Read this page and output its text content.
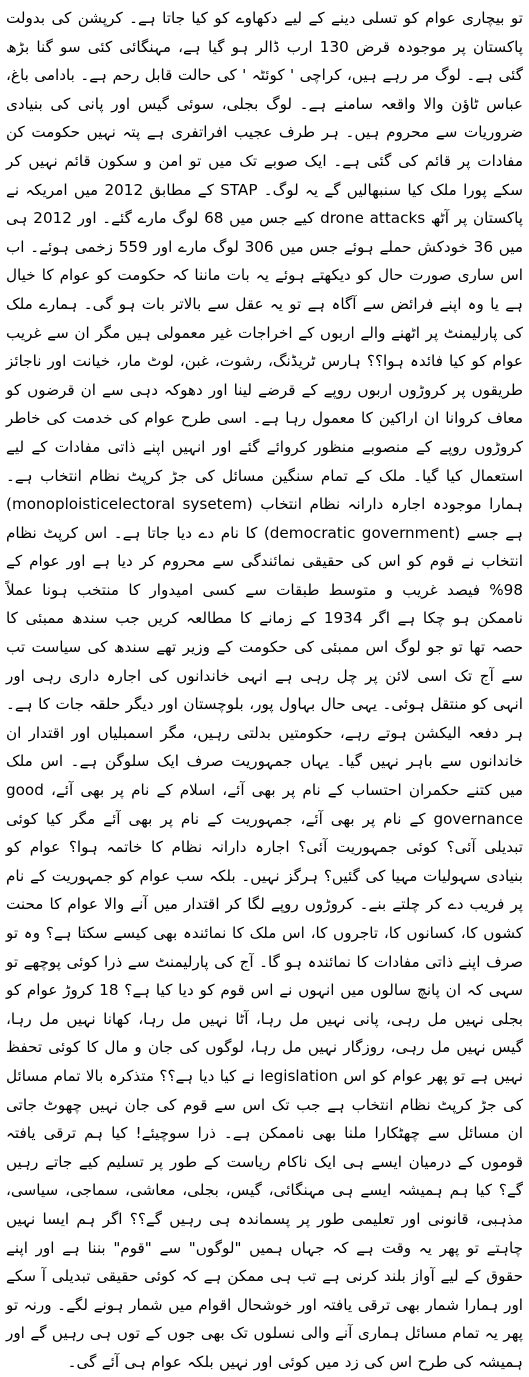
تو بیچاری عوام کو تسلی دینے کے لیے دکھاوے کو کیا جاتا ہے۔ کرپشن کی بدولت پاکستان پر موجودہ قرض 130 ارب ڈالر ہو گیا ہے، مہنگائی کئی سو گنا بڑھ گئی ہے۔ لوگ مر رہے ہیں، کراچی ' کوئٹہ ' کی حالت قابل رحم ہے۔ بادامی باغ، عباس ٹاؤن والا واقعہ سامنے ہے۔ لوگ بجلی، سوئی گیس اور پانی کی بنیادی ضروریات سے محروم ہیں۔ ہر طرف عجیب افراتفری ہے پتہ نہیں حکومت کن مفادات پر قائم کی گئی ہے۔ ایک صوبے تک میں تو امن و سکون قائم نہیں کر سکے پورا ملک کیا سنبھالیں گے یہ لوگ۔ STAP کے مطابق 2012 میں امریکہ نے پاکستان پر آٹھ drone attacks کیے جس میں 68 لوگ مارے گئے۔ اور 2012 ہی میں 36 خودکش حملے ہوئے جس میں 306 لوگ مارے اور 559 زخمی ہوئے۔ اب اس ساری صورت حال کو دیکھتے ہوئے یہ بات ماننا کہ حکومت کو عوام کا خیال ہے یا وہ اپنے فرائض سے آگاہ ہے تو یہ عقل سے بالاتر بات ہو گی۔ ہمارے ملک کی پارلیمنٹ پر اٹھنے والے اربوں کے اخراجات غیر معمولی ہیں مگر ان سے غریب عوام کو کیا فائدہ ہوا؟؟ ہارس ٹریڈنگ، رشوت، غبن، لوٹ مار، خیانت اور ناجائز طریقوں پر کروڑوں اربوں روپے کے قرضے لینا اور دھوکہ دہی سے ان قرضوں کو معاف کروانا ان اراکین کا معمول رہا ہے۔ اسی طرح عوام کی خدمت کی خاطر کروڑوں روپے کے منصوبے منظور کروائے گئے اور انہیں اپنے ذاتی مفادات کے لیے استعمال کیا گیا۔ ملک کے تمام سنگین مسائل کی جڑ کرپٹ نظام انتخاب ہے۔ ہمارا موجودہ اجارہ دارانہ نظام انتخاب (monoploisticelectoral sysetem) ہے جسے (democratic government) کا نام دے دیا جاتا ہے۔ اس کرپٹ نظام انتخاب نے قوم کو اس کی حقیقی نمائندگی سے محروم کر دیا ہے اور عوام کے 98% فیصد غریب و متوسط طبقات سے کسی امیدوار کا منتخب ہونا عملاً ناممکن ہو چکا ہے اگر 1934 کے زمانے کا مطالعہ کریں جب سندھ ممبئی کا حصہ تھا تو جو لوگ اس ممبئی کی حکومت کے وزیر تھے سندھ کی سیاست تب سے آج تک اسی لائن پر چل رہی ہے انہی خاندانوں کی اجارہ داری رہی اور انہی کو منتقل ہوئی۔ یہی حال بہاول پور، بلوچستان اور دیگر حلقہ جات کا ہے۔ ہر دفعہ الیکشن ہوتے رہے، حکومتیں بدلتی رہیں، مگر اسمبلیاں اور اقتدار ان خاندانوں سے باہر نہیں گیا۔ یہاں جمہوریت صرف ایک سلوگن ہے۔ اس ملک میں کتنے حکمران احتساب کے نام پر بھی آئے، اسلام کے نام پر بھی آئے، good governance کے نام پر بھی آئے، جمہوریت کے نام پر بھی آئے مگر کیا کوئی تبدیلی آئی؟ کوئی جمہوریت آئی؟ اجارہ دارانہ نظام کا خاتمہ ہوا؟ عوام کو بنیادی سہولیات مہیا کی گئیں؟ ہرگز نہیں۔ بلکہ سب عوام کو جمہوریت کے نام پر فریب دے کر چلتے بنے۔ کروڑوں روپے لگا کر اقتدار میں آنے والا عوام کا محنت کشوں کا، کسانوں کا، تاجروں کا، اس ملک کا نمائندہ بھی کیسے سکتا ہے؟ وہ تو صرف اپنے ذاتی مفادات کا نمائندہ ہو گا۔ آج کی پارلیمنٹ سے ذرا کوئی پوچھے تو سہی کہ ان پانچ سالوں میں انہوں نے اس قوم کو دیا کیا ہے؟ 18 کروڑ عوام کو بجلی نہیں مل رہی، پانی نہیں مل رہا، آٹا نہیں مل رہا، کھانا نہیں مل رہا، گیس نہیں مل رہی، روزگار نہیں مل رہا، لوگوں کی جان و مال کا کوئی تحفظ نہیں ہے تو پھر عوام کو اس legislation نے کیا دیا ہے؟؟ متذکرہ بالا تمام مسائل کی جڑ کرپٹ نظام انتخاب ہے جب تک اس سے قوم کی جان نہیں چھوٹ جاتی ان مسائل سے چھٹکارا ملنا بھی ناممکن ہے۔ ذرا سوچیئے! کیا ہم ترقی یافتہ قوموں کے درمیان ایسے ہی ایک ناکام ریاست کے طور پر تسلیم کیے جاتے رہیں گے؟ کیا ہم ہمیشہ ایسے ہی مہنگائی، گیس، بجلی، معاشی، سماجی، سیاسی، مذہبی، قانونی اور تعلیمی طور پر پسماندہ ہی رہیں گے؟؟ اگر ہم ایسا نہیں چاہتے تو پھر یہ وقت ہے کہ جہاں ہمیں "لوگوں" سے "قوم" بننا ہے اور اپنے حقوق کے لیے آواز بلند کرنی ہے تب ہی ممکن ہے کہ کوئی حقیقی تبدیلی آ سکے اور ہمارا شمار بھی ترقی یافتہ اور خوشحال اقوام میں شمار ہونے لگے۔ ورنہ تو پھر یہ تمام مسائل ہماری آنے والی نسلوں تک بھی جوں کے توں ہی رہیں گے اور ہمیشہ کی طرح اس کی زد میں کوئی اور نہیں بلکہ عوام ہی آئے گی۔
